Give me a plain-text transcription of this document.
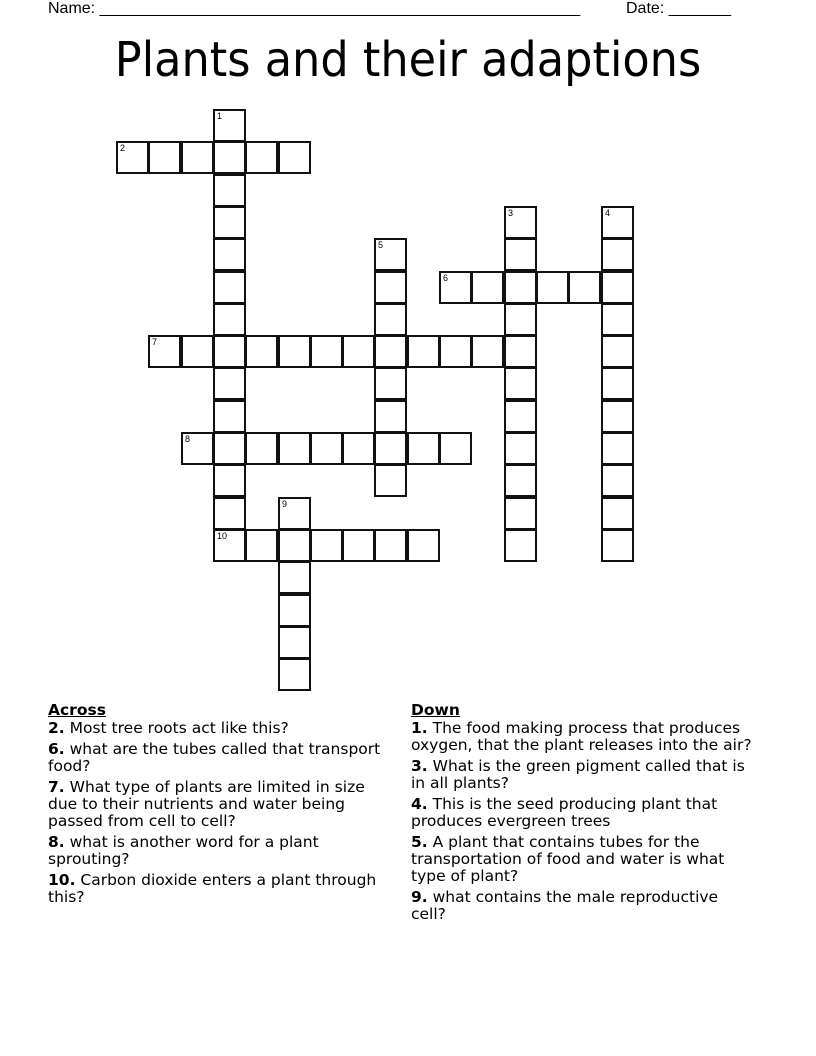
Name: ______________________________________________________	Date: _______
Plants and their adaptions
1
10
2
3	4
5
6
7
8
9
Across
2. Most tree roots act like this?
6. what are the tubes called that transport food?
7. What type of plants are limited in size due to their nutrients and water being passed from cell to cell?
8. what is another word for a plant sprouting?
10. Carbon dioxide enters a plant through this?
Down
1. The food making process that produces oxygen, that the plant releases into the air?
3. What is the green pigment called that is in all plants?
4. This is the seed producing plant that produces evergreen trees
5. A plant that contains tubes for the transportation of food and water is what type of plant?
9. what contains the male reproductive cell?
